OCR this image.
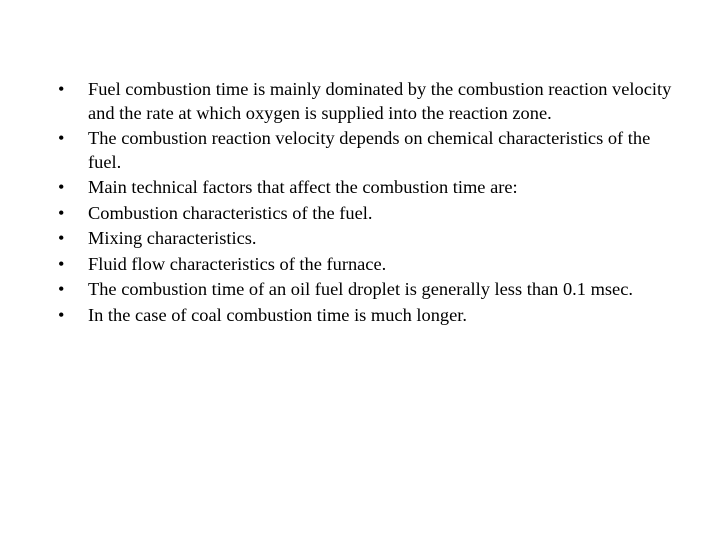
•	Fuel combustion time is mainly dominated by the combustion reaction velocity and the rate at which oxygen is supplied into the reaction zone.
•	The combustion reaction velocity depends on chemical characteristics of the fuel.
•	Main technical factors that affect the combustion time are:
•	Combustion characteristics of the fuel.
•	Mixing characteristics.
•	Fluid flow characteristics of the furnace.
•	The combustion time of an oil fuel droplet is generally less than 0.1 msec.
•	In the case of coal combustion time is much longer.
